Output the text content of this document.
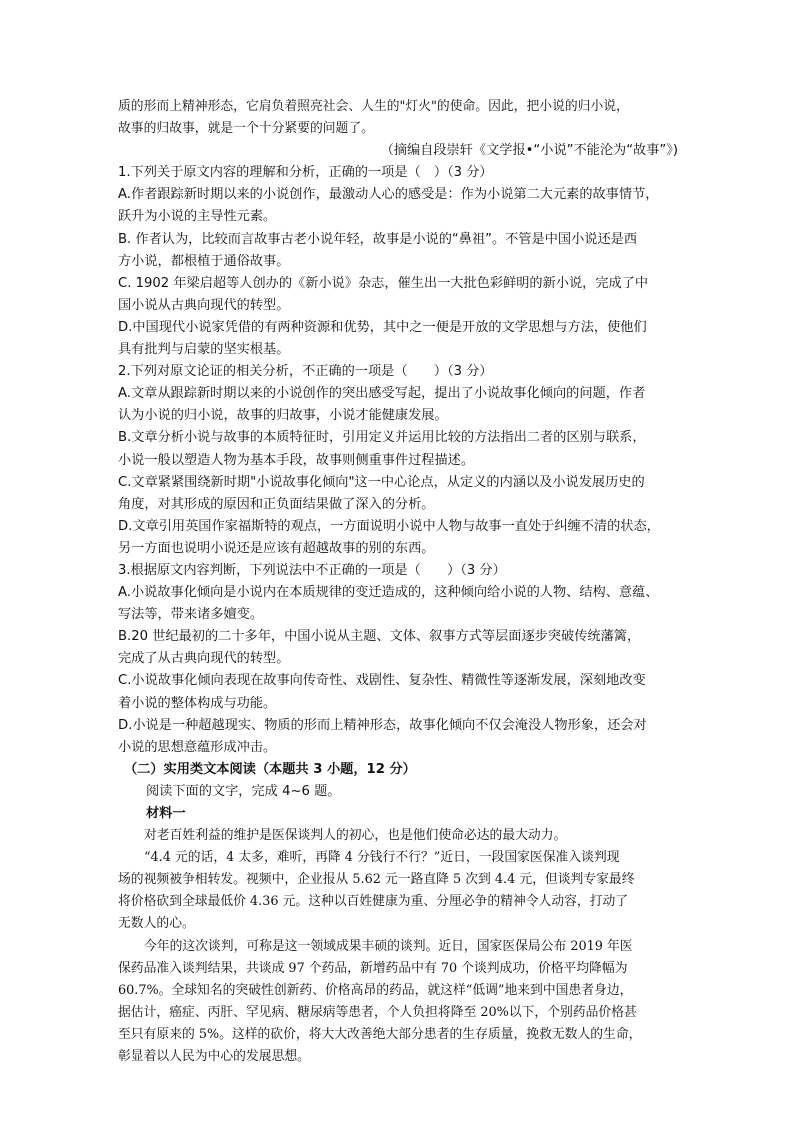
质的形而上精神形态，它肩负着照亮社会、人生的"灯火"的使命。因此，把小说的归小说，
故事的归故事，就是一个十分紧要的问题了。
（摘编自段崇轩《文学报•“小说”不能沦为“故事”》)
1.下列关于原文内容的理解和分析，正确的一项是（　）（3 分）
A.作者跟踪新时期以来的小说创作，最激动人心的感受是：作为小说第二大元素的故事情节，
跃升为小说的主导性元素。
B. 作者认为，比较而言故事古老小说年轻，故事是小说的“鼻祖”。不管是中国小说还是西
方小说，都根植于通俗故事。
C. 1902 年梁启超等人创办的《新小说》杂志，催生出一大批色彩鲜明的新小说，完成了中
国小说从古典向现代的转型。
D.中国现代小说家凭借的有两种资源和优势，其中之一便是开放的文学思想与方法，使他们
具有批判与启蒙的坚实根基。
2.下列对原文论证的相关分析，不正确的一项是（　　）（3 分）
A.文章从跟踪新时期以来的小说创作的突出感受写起，提出了小说故事化倾向的问题，作者
认为小说的归小说，故事的归故事，小说才能健康发展。
B.文章分析小说与故事的本质特征时，引用定义并运用比较的方法指出二者的区别与联系，
小说一般以塑造人物为基本手段，故事则侧重事件过程描述。
C.文章紧紧围绕新时期"小说故事化倾向"这一中心论点，从定义的内涵以及小说发展历史的
角度，对其形成的原因和正负面结果做了深入的分析。
D.文章引用英国作家福斯特的观点，一方面说明小说中人物与故事一直处于纠缠不清的状态，
另一方面也说明小说还是应该有超越故事的别的东西。
3.根据原文内容判断，下列说法中不正确的一项是（　　）（3 分）
A.小说故事化倾向是小说内在本质规律的变迁造成的，这种倾向给小说的人物、结构、意蕴、
写法等，带来诸多嬗变。
B.20 世纪最初的二十多年，中国小说从主题、文体、叙事方式等层面逐步突破传统藩篱，
完成了从古典向现代的转型。
C.小说故事化倾向表现在故事向传奇性、戏剧性、复杂性、精微性等逐渐发展，深刻地改变
着小说的整体构成与功能。
D.小说是一种超越现实、物质的形而上精神形态，故事化倾向不仅会淹没人物形象，还会对
小说的思想意蕴形成冲击。
（二）实用类文本阅读（本题共 3 小题，12 分）
阅读下面的文字，完成 4~6 题。
材料一
对老百姓利益的维护是医保谈判人的初心，也是他们使命必达的最大动力。
“4.4 元的话，4 太多，难听，再降 4 分钱行不行？”近日，一段国家医保准入谈判现
场的视频被争相转发。视频中，企业报从 5.62 元一路直降 5 次到 4.4 元，但谈判专家最终
将价格砍到全球最低价 4.36 元。这种以百姓健康为重、分厘必争的精神令人动容，打动了
无数人的心。
今年的这次谈判，可称是这一领域成果丰硕的谈判。近日，国家医保局公布 2019 年医
保药品准入谈判结果，共谈成 97 个药品，新增药品中有 70 个谈判成功，价格平均降幅为
60.7%。全球知名的突破性创新药、价格高昂的药品，就这样“低调”地来到中国患者身边，
据估计，癌症、丙肝、罕见病、糖尿病等患者，个人负担将降至 20%以下，个别药品价格甚
至只有原来的 5%。这样的砍价，将大大改善绝大部分患者的生存质量，挽救无数人的生命，
彰显着以人民为中心的发展思想。
